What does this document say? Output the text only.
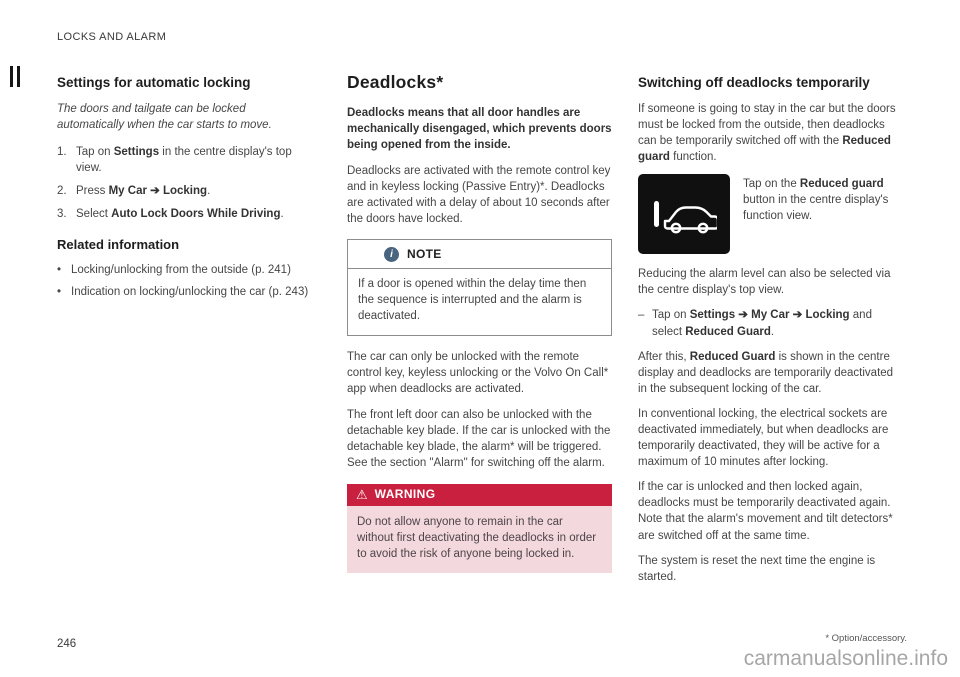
LOCKS AND ALARM
Settings for automatic locking

The doors and tailgate can be locked automatically when the car starts to move.

1. Tap on Settings in the centre display's top view.
2. Press My Car ➔ Locking.
3. Select Auto Lock Doors While Driving.
Related information
•
Locking/unlocking from the outside (p. 241)
•
Indication on locking/unlocking the car (p. 243)
Deadlocks*

Deadlocks means that all door handles are mechanically disengaged, which prevents doors being opened from the inside.

Deadlocks are activated with the remote control key and in keyless locking (Passive Entry)*. Deadlocks are activated with a delay of about 10 seconds after the doors have locked.

i	NOTE
If a door is opened within the delay time then the sequence is interrupted and the alarm is deactivated.

The car can only be unlocked with the remote control key, keyless unlocking or the Volvo On Call* app when deadlocks are activated.

The front left door can also be unlocked with the detachable key blade. If the car is unlocked with the detachable key blade, the alarm* will be triggered. See the section "Alarm" for switching off the alarm.

⚠ WARNING

Do not allow anyone to remain in the car without first deactivating the deadlocks in order to avoid the risk of anyone being locked in.

Switching off deadlocks temporarily

If someone is going to stay in the car but the doors must be locked from the outside, then deadlocks can be temporarily switched off with the Reduced guard function.

Tap on the Reduced guard button in the centre display's function view.

Reducing the alarm level can also be selected via the centre display's top view.

–
Tap on Settings ➔ My Car ➔ Locking and select Reduced Guard.

After this, Reduced Guard is shown in the centre display and deadlocks are temporarily deactivated in the subsequent locking of the car.

In conventional locking, the electrical sockets are deactivated immediately, but when deadlocks are temporarily deactivated, they will be active for a maximum of 10 minutes after locking.

If the car is unlocked and then locked again, deadlocks must be temporarily deactivated again. Note that the alarm's movement and tilt detectors* are switched off at the same time.

The system is reset the next time the engine is started.

246	* Option/accessory.
carmanualsonline.info
